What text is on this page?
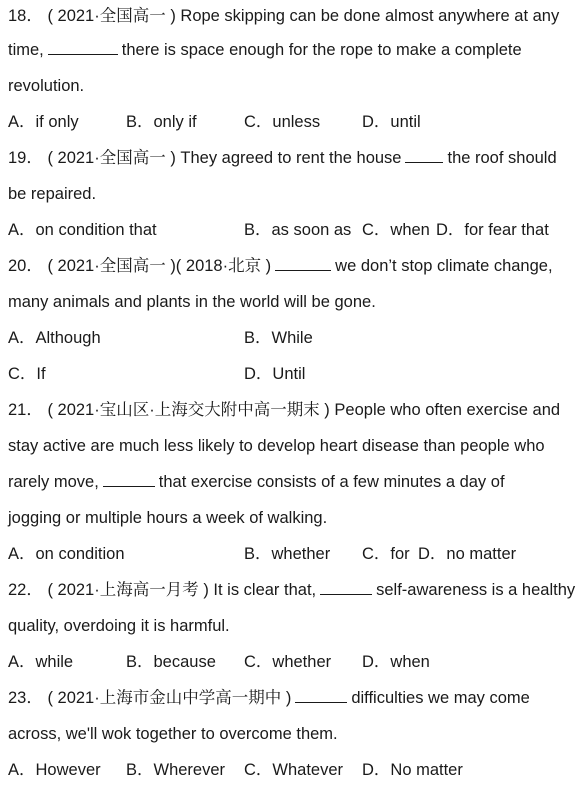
18． ( 2021·全国高一 ) Rope skipping can be done almost anywhere at any
time,	there is space enough for the rope to make a complete
revolution.
A．if only	B．only if	C．unless	D．until
19． ( 2021·全国高一 ) They agreed to rent the house	the roof should
be repaired.
A．on condition that	B．as soon as C．when D．for fear that
20． ( 2021·全国高一 )( 2018·北京 )	we don’t stop climate change,
many animals and plants in the world will be gone.
A．Although	B．While
C．If	D．Until
21． ( 2021·宝山区·上海交大附中高一期末 ) People who often exercise and
stay active are much less likely to develop heart disease than people who
rarely move,	that exercise consists of a few minutes a day of
jogging or multiple hours a week of walking.
A．on condition	B．whether C．for D．no matter
22． ( 2021·上海高一月考 ) It is clear that,	self-awareness is a healthy
quality, overdoing it is harmful.
A．while	B．because C．whether D．when
23． ( 2021·上海市金山中学高一期中 )	difficulties we may come
across, we'll wok together to overcome them.
A．However B．Wherever C．Whatever D．No matter
